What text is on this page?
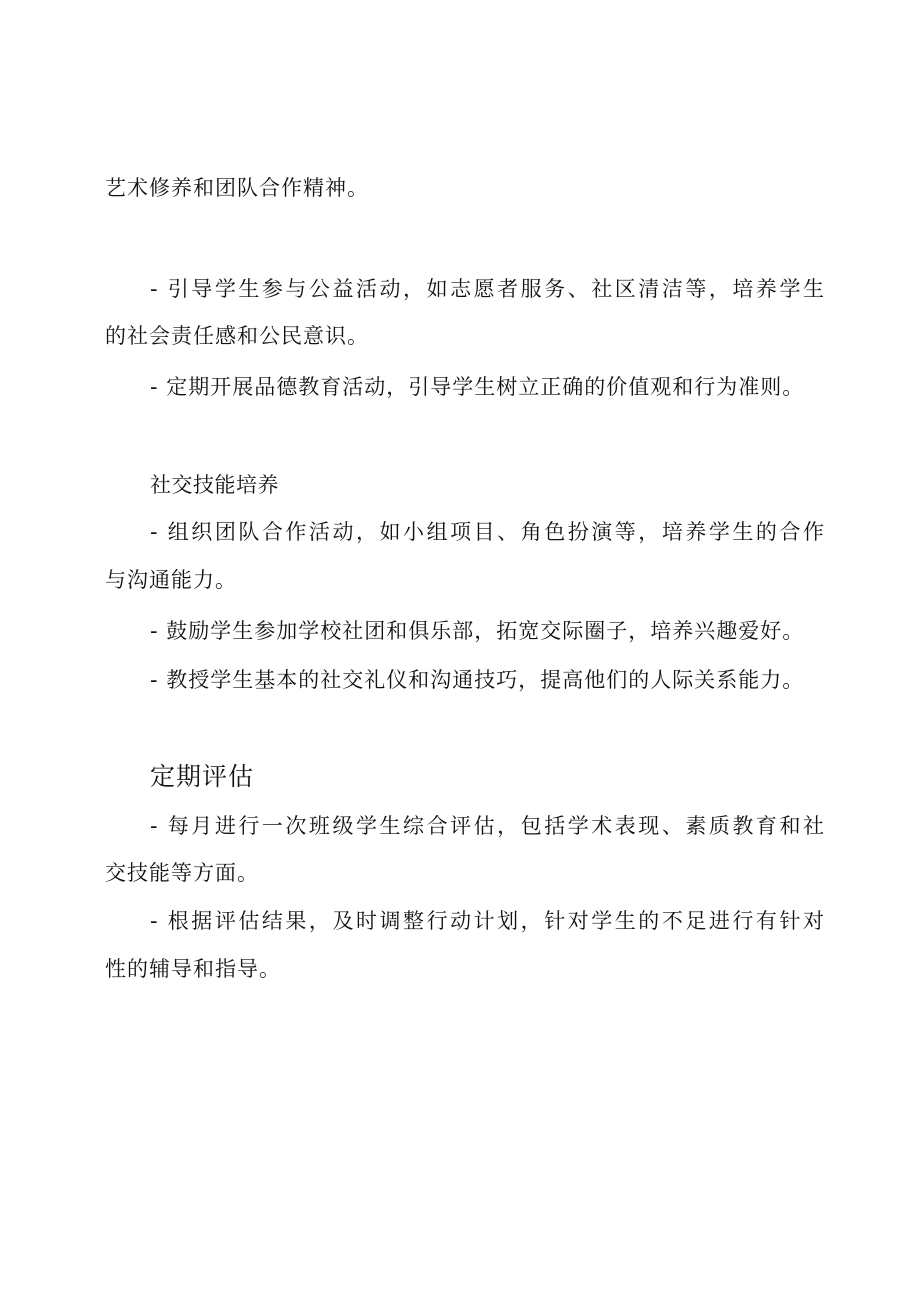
艺术修养和团队合作精神。
- 引导学生参与公益活动，如志愿者服务、社区清洁等，培养学生
的社会责任感和公民意识。
- 定期开展品德教育活动，引导学生树立正确的价值观和行为准则。
社交技能培养
- 组织团队合作活动，如小组项目、角色扮演等，培养学生的合作
与沟通能力。
- 鼓励学生参加学校社团和俱乐部，拓宽交际圈子，培养兴趣爱好。
- 教授学生基本的社交礼仪和沟通技巧，提高他们的人际关系能力。
定期评估
- 每月进行一次班级学生综合评估，包括学术表现、素质教育和社
交技能等方面。
- 根据评估结果，及时调整行动计划，针对学生的不足进行有针对
性的辅导和指导。
